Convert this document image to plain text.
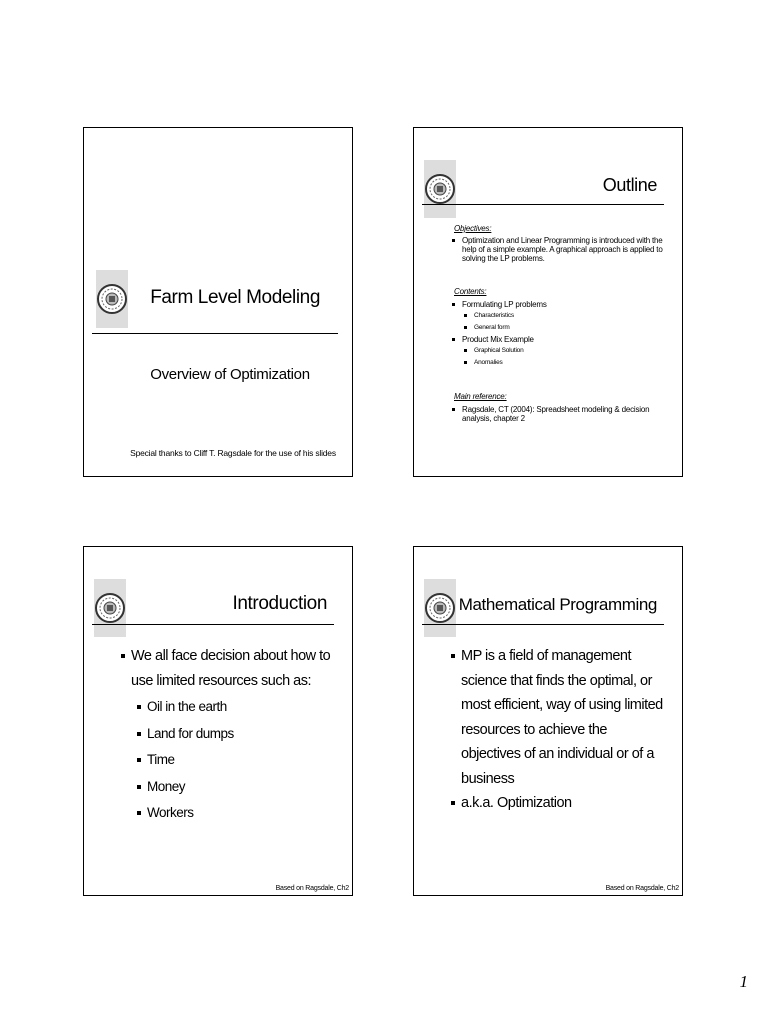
Farm Level Modeling
Overview of Optimization
Special thanks to Cliff T. Ragsdale for the use of his slides
Outline
Objectives:
Optimization and Linear Programming is introduced with the help of a simple example. A graphical approach is applied to solving the LP problems.
Contents:
Formulating LP problems
Characteristics
General form
Product Mix Example
Graphical Solution
Anomalies
Main reference:
Ragsdale, CT (2004): Spreadsheet modeling & decision analysis, chapter 2
Introduction
We all face decision about how to use limited resources such as:
Oil in the earth
Land for dumps
Time
Money
Workers
Based on Ragsdale, Ch2
Mathematical Programming
MP is a field of management science that finds the optimal, or most efficient, way of using limited resources to achieve the objectives of an individual or of a business
a.k.a. Optimization
Based on Ragsdale, Ch2
1
